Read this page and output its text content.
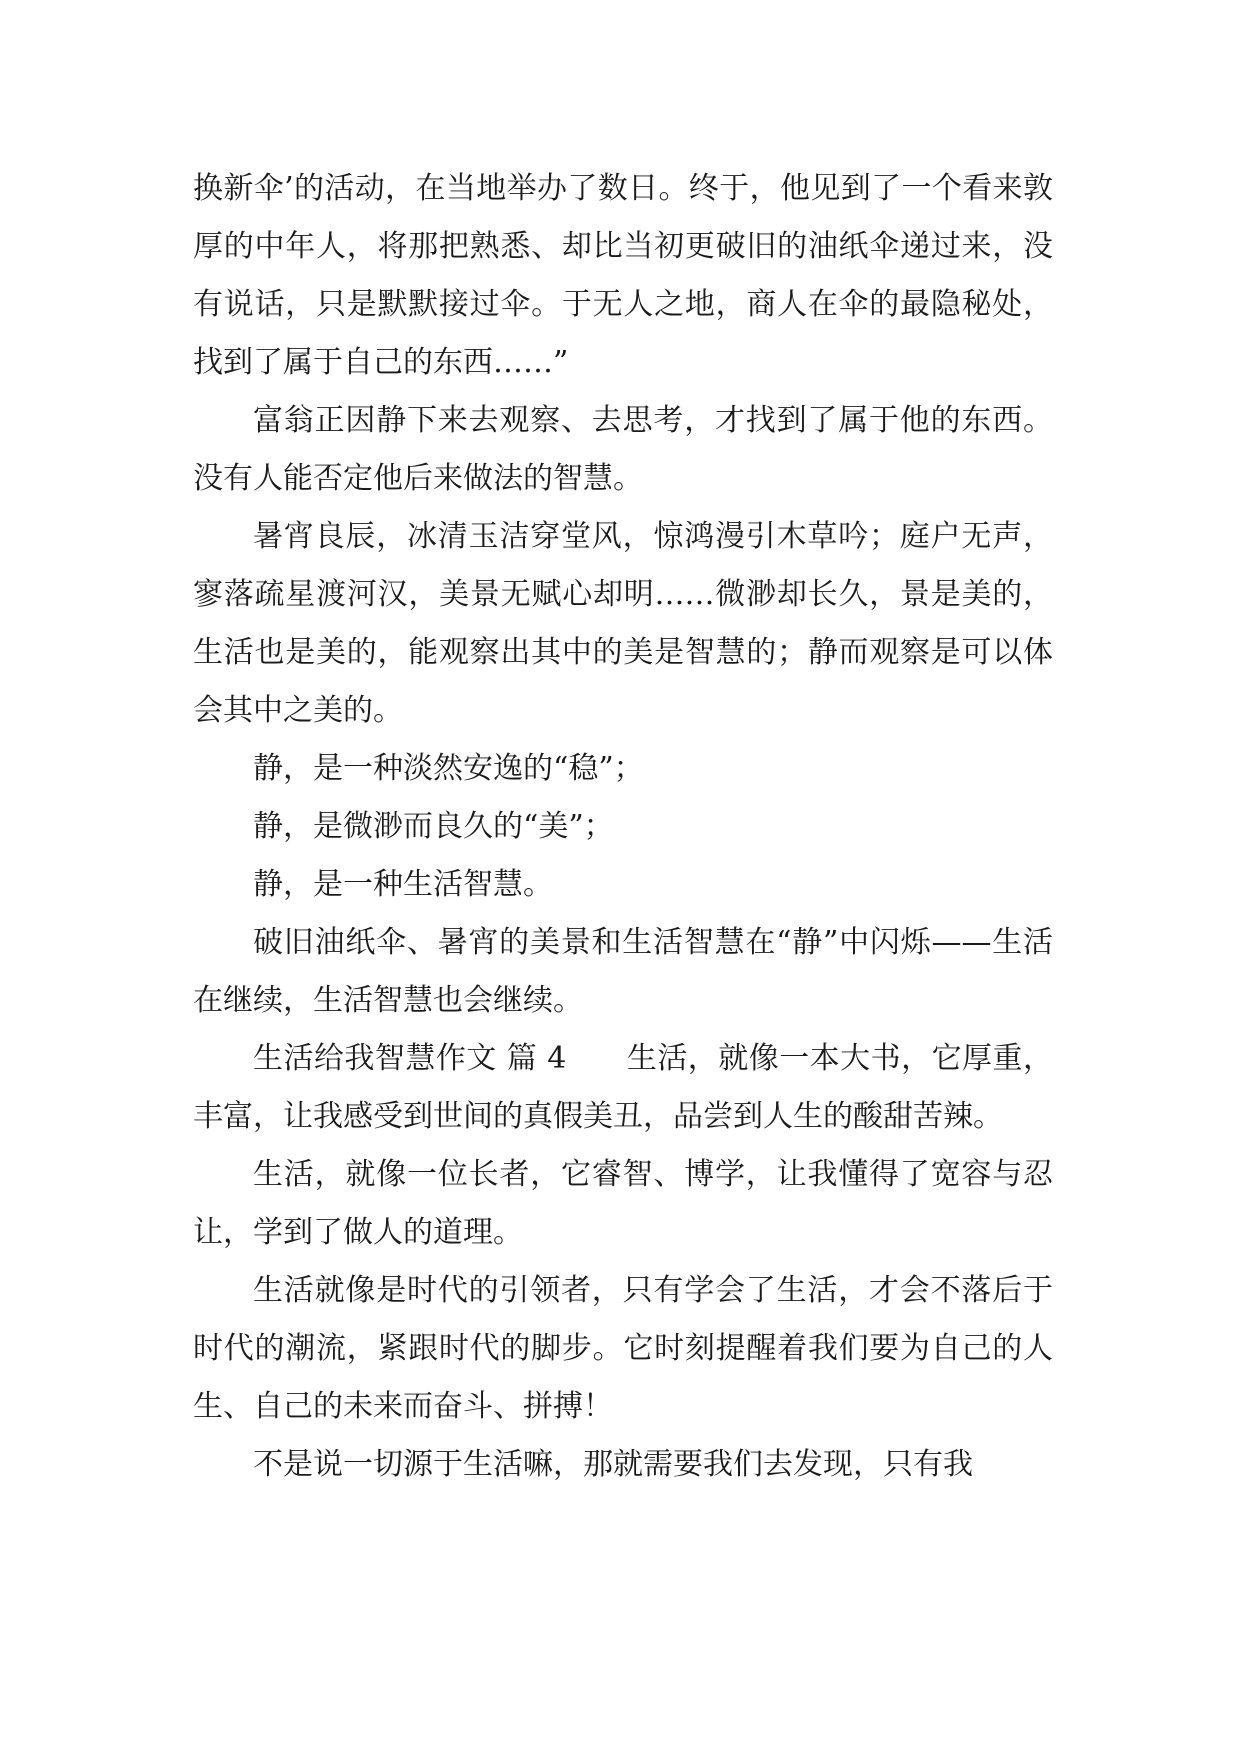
换新伞’的活动，在当地举办了数日。终于，他见到了一个看来敦厚的中年人，将那把熟悉、却比当初更破旧的油纸伞递过来，没有说话，只是默默接过伞。于无人之地，商人在伞的最隐秘处，找到了属于自己的东西……”

富翁正因静下来去观察、去思考，才找到了属于他的东西。没有人能否定他后来做法的智慧。

暑宵良辰，冰清玉洁穿堂风，惊鸿漫引木草吟；庭户无声，寥落疏星渡河汉，美景无赋心却明……微渺却长久，景是美的，生活也是美的，能观察出其中的美是智慧的；静而观察是可以体会其中之美的。

静，是一种淡然安逸的“稳”；

静，是微渺而良久的“美”；

静，是一种生活智慧。

破旧油纸伞、暑宵的美景和生活智慧在“静”中闪烁——生活在继续，生活智慧也会继续。

生活给我智慧作文 篇 4 生活，就像一本大书，它厚重，丰富，让我感受到世间的真假美丑，品尝到人生的酸甜苦辣。

生活，就像一位长者，它睿智、博学，让我懂得了宽容与忍让，学到了做人的道理。

生活就像是时代的引领者，只有学会了生活，才会不落后于时代的潮流，紧跟时代的脚步。它时刻提醒着我们要为自己的人生、自己的未来而奋斗、拼搏！

不是说一切源于生活嘛，那就需要我们去发现，只有我
